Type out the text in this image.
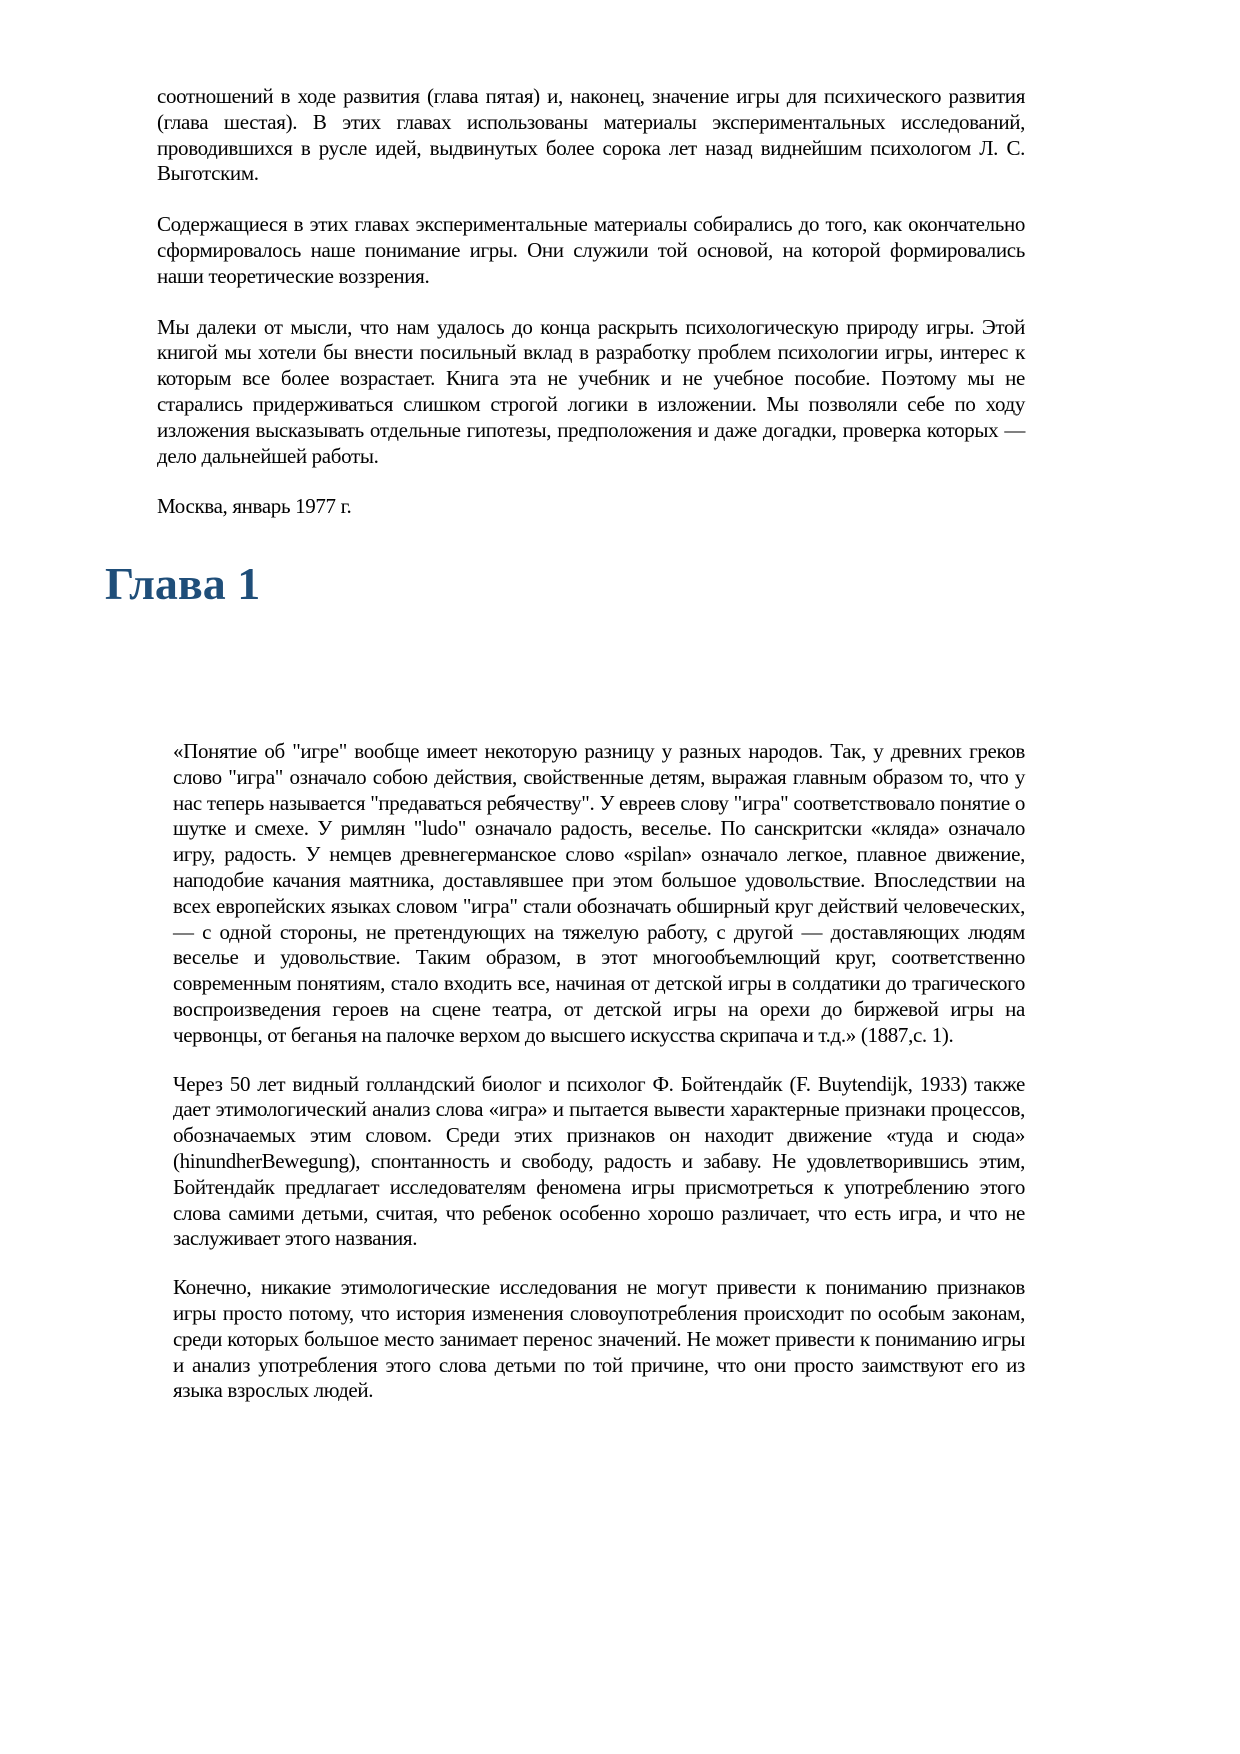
соотношений в ходе развития (глава пятая) и, наконец, значение игры для психического развития (глава шестая). В этих главах использованы материалы экспериментальных исследований, проводившихся в русле идей, выдвинутых более сорока лет назад виднейшим психологом Л. С. Выготским.

Содержащиеся в этих главах экспериментальные материалы собирались до того, как окончательно сформировалось наше понимание игры. Они служили той основой, на которой формировались наши теоретические воззрения.

Мы далеки от мысли, что нам удалось до конца раскрыть психологическую природу игры. Этой книгой мы хотели бы внести посильный вклад в разработку проблем психологии игры, интерес к которым все более возрастает. Книга эта не учебник и не учебное пособие. Поэтому мы не старались придерживаться слишком строгой логики в изложении. Мы позволяли себе по ходу изложения высказывать отдельные гипотезы, предположения и даже догадки, проверка которых — дело дальнейшей работы.

Москва, январь 1977 г.

Глава 1

«Понятие об "игре" вообще имеет некоторую разницу у разных народов. Так, у древних греков слово "игра" означало собою действия, свойственные детям, выражая главным образом то, что у нас теперь называется "предаваться ребячеству". У евреев слову "игра" соответствовало понятие о шутке и смехе. У римлян "ludo" означало радость, веселье. По санскритски «кляда» означало игру, радость. У немцев древнегерманское слово «spilan» означало легкое, плавное движение, наподобие качания маятника, доставлявшее при этом большое удовольствие. Впоследствии на всех европейских языках словом "игра" стали обозначать обширный круг действий человеческих, — с одной стороны, не претендующих на тяжелую работу, с другой — доставляющих людям веселье и удовольствие. Таким образом, в этот многообъемлющий круг, соответственно современным понятиям, стало входить все, начиная от детской игры в солдатики до трагического воспроизведения героев на сцене театра, от детской игры на орехи до биржевой игры на червонцы, от беганья на палочке верхом до высшего искусства скрипача и т.д.» (1887,с. 1).

Через 50 лет видный голландский биолог и психолог Ф. Бойтендайк (F. Buytendijk, 1933) также дает этимологический анализ слова «игра» и пытается вывести характерные признаки процессов, обозначаемых этим словом. Среди этих признаков он находит движение «туда и сюда» (hinundherBewegung), спонтанность и свободу, радость и забаву. Не удовлетворившись этим, Бойтендайк предлагает исследователям феномена игры присмотреться к употреблению этого слова самими детьми, считая, что ребенок особенно хорошо различает, что есть игра, и что не заслуживает этого названия.

Конечно, никакие этимологические исследования не могут привести к пониманию признаков игры просто потому, что история изменения словоупотребления происходит по особым законам, среди которых большое место занимает перенос значений. Не может привести к пониманию игры и анализ употребления этого слова детьми по той причине, что они просто заимствуют его из языка взрослых людей.
